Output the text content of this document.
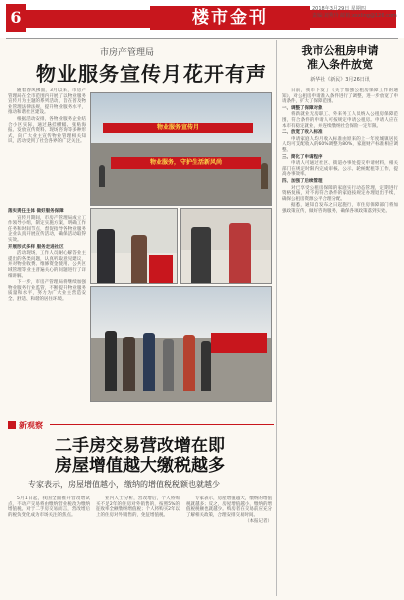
6	楼市金刊	2018年3月29日 星期四
责编:刘秀玲 邮箱:xxxling@126.com
市房产管理局
物业服务宣传月花开有声

随着春风拂面，3月以来，市房产管理局在全市范围内开展了以物业服务宣传月为主题的系列活动，旨在普及物业管理法律法规，提升物业服务水平，推动和谐社区建设。

根据活动安排，各物业服务企业结合小区实际，通过悬挂横幅、张贴海报、发放宣传资料、现场咨询等多种形式，向广大业主宣传物业管理相关知识，活动受到了社会各界的广泛关注。

物业服务宣传月
物业服务，守护生活新风尚
落实责任主体 做好服务保障

宣传月期间，市房产管理局成立工作领导小组，制定实施方案，明确工作任务和时间节点，督促指导各物业服务企业认真开展宣传活动，确保活动取得实效。

开展形式多样 服务走进社区

活动现场，工作人员耐心解答业主提出的各类问题，认真听取意见建议，并对物业收费、维修资金使用、公共区域管理等业主普遍关心的问题进行了详细讲解。

下一步，市房产管理局将继续加强物业服务行业监管，不断提升物业服务质量和水平，努力为广大业主营造安全、舒适、和谐的居住环境。

新观察
二手房交易营改增在即
房屋增值越大缴税越多
专家表示，房屋增值越小，缴纳的增值税税额也就越少

5月1日起，我国全面推开营改增试点，不动产交易将由缴纳营业税改为缴纳增值税。对于二手房交易而言，营改增后的税负变化成为市场关注的焦点。

业内人士分析，营改增后，个人将购买不足2年的住房对外销售的，按照5%的征收率全额缴纳增值税；个人将购买2年以上的住房对外销售的，免征增值税。

专家表示，房屋增值越大，缴纳的增值税就越多；反之，房屋增值越小，缴纳的增值税税额也就越少。购房者在交易前应充分了解相关政策，合理安排交易时间。

（本报记者）

我市公租房申请
准入条件放宽
新华社《新民》3月26日讯

日前，我市下发了《关于加强公租房保障工作的通知》，对公租房申请准入条件进行了调整，进一步放宽了申请条件，扩大了保障范围。

一、调整了保障对象

将新就业无房职工、外来务工人员纳入公租房保障范围，符合条件的申请人可按规定申请公租房。申请人应在本市有稳定就业，并连续缴纳社会保险一定年限。

二、放宽了收入标准

申请家庭人均月收入标准由原来的上一年度城镇居民人均可支配收入的60%调整为80%，家庭财产标准相应调整。

三、简化了申请程序

申请人可通过社区、街道办事处提交申请材料，相关部门在规定时限内完成审核、公示、轮候配租等工作，提高办事效率。

四、加强了后续管理

对已享受公租房保障的家庭实行动态管理，定期进行资格复核，对不再符合条件的家庭按规定办理退出手续，确保公租房资源公平合理分配。

据悉，通知自发布之日起施行，市住房保障部门将加强政策宣传，做好咨询服务，确保各项政策落到实处。
